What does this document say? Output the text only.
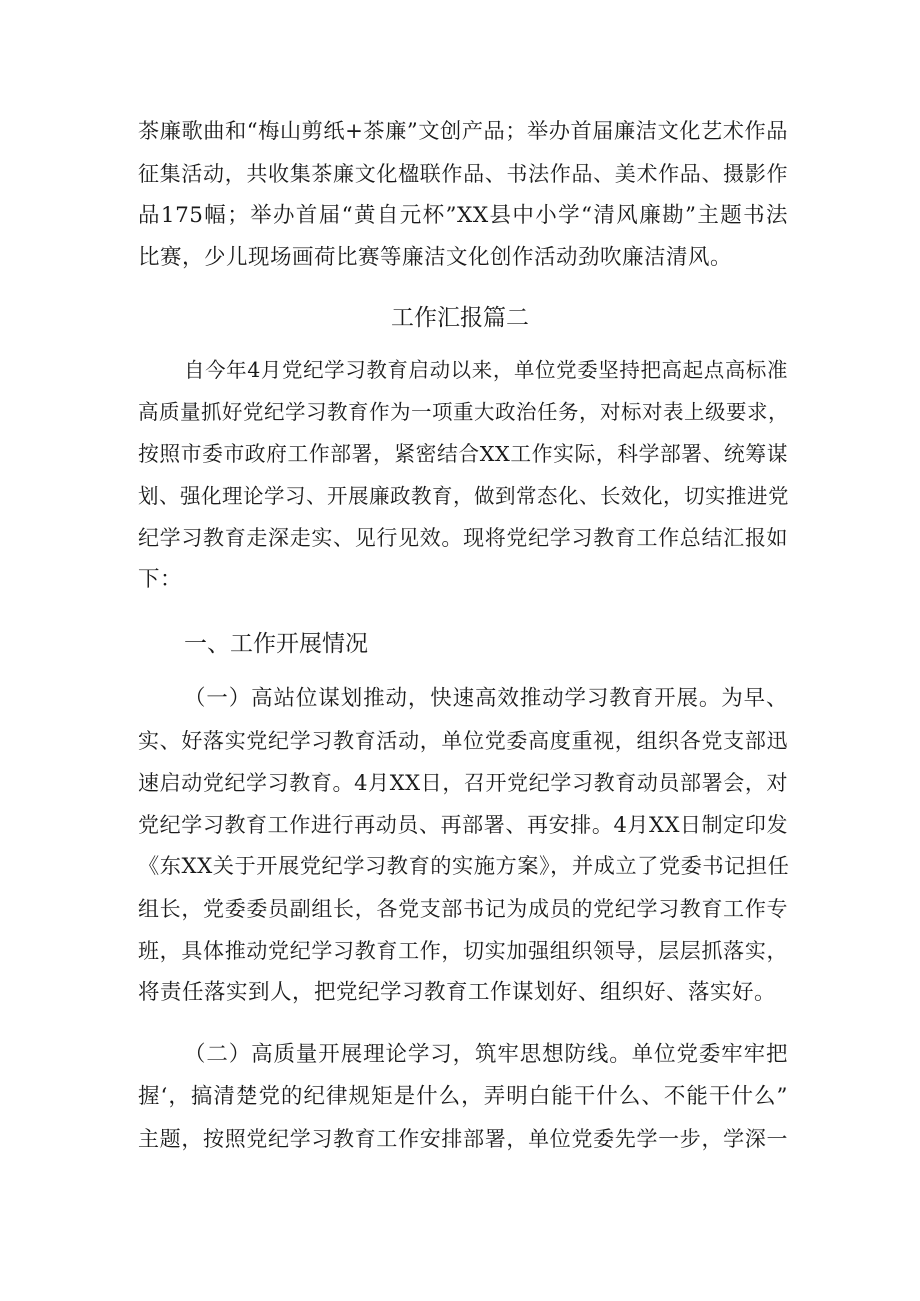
茶廉歌曲和“梅山剪纸+茶廉”文创产品；举办首届廉洁文化艺术作品
征集活动，共收集茶廉文化楹联作品、书法作品、美术作品、摄影作
品175幅；举办首届“黄自元杯”XX县中小学“清风廉勘”主题书法
比赛，少儿现场画荷比赛等廉洁文化创作活动劲吹廉洁清风。
工作汇报篇二
自今年4月党纪学习教育启动以来，单位党委坚持把高起点高标准
高质量抓好党纪学习教育作为一项重大政治任务，对标对表上级要求，
按照市委市政府工作部署，紧密结合XX工作实际，科学部署、统筹谋
划、强化理论学习、开展廉政教育，做到常态化、长效化，切实推进党
纪学习教育走深走实、见行见效。现将党纪学习教育工作总结汇报如
下：
一、工作开展情况
（一）高站位谋划推动，快速高效推动学习教育开展。为早、
实、好落实党纪学习教育活动，单位党委高度重视，组织各党支部迅
速启动党纪学习教育。4月XX日，召开党纪学习教育动员部署会，对
党纪学习教育工作进行再动员、再部署、再安排。4月XX日制定印发
《东XX关于开展党纪学习教育的实施方案》，并成立了党委书记担任
组长，党委委员副组长，各党支部书记为成员的党纪学习教育工作专
班，具体推动党纪学习教育工作，切实加强组织领导，层层抓落实，
将责任落实到人，把党纪学习教育工作谋划好、组织好、落实好。
（二）高质量开展理论学习，筑牢思想防线。单位党委牢牢把
握‘，搞清楚党的纪律规矩是什么，弄明白能干什么、不能干什么”
主题，按照党纪学习教育工作安排部署，单位党委先学一步，学深一
